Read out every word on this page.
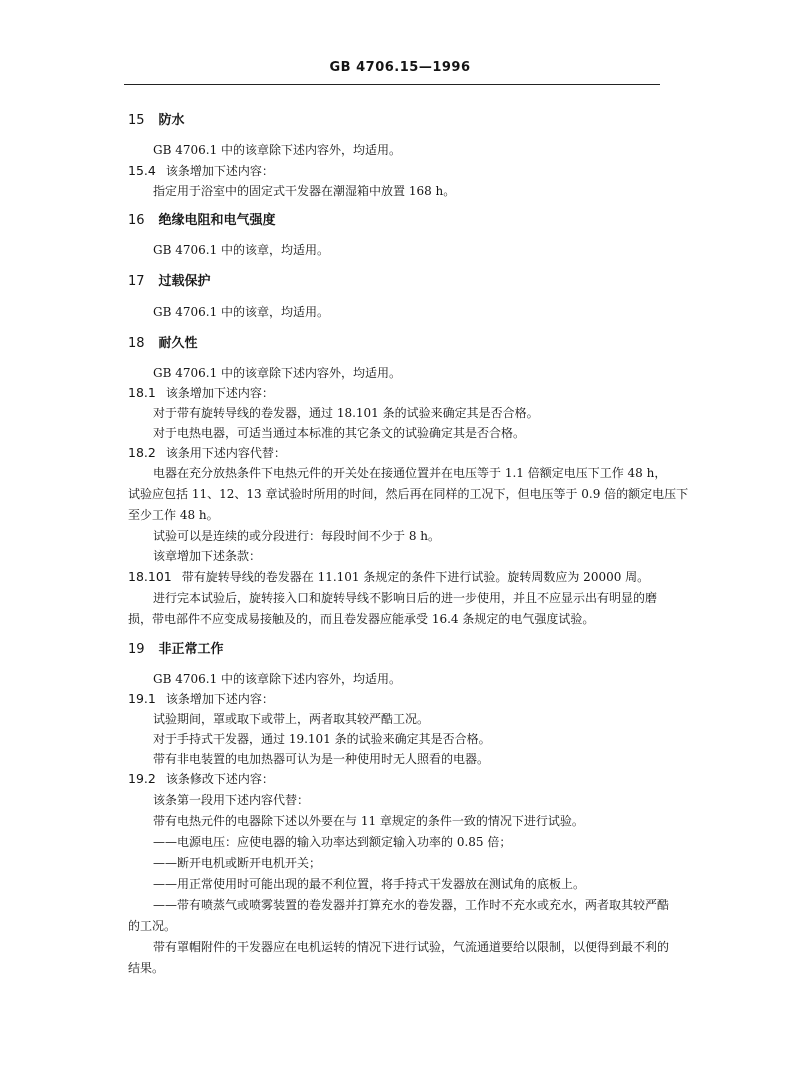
GB 4706.15—1996
15 防水
GB 4706.1 中的该章除下述内容外，均适用。
15.4 该条增加下述内容：
指定用于浴室中的固定式干发器在潮湿箱中放置 168 h。
16 绝缘电阻和电气强度
GB 4706.1 中的该章，均适用。
17 过载保护
GB 4706.1 中的该章，均适用。
18 耐久性
GB 4706.1 中的该章除下述内容外，均适用。
18.1 该条增加下述内容：
对于带有旋转导线的卷发器，通过 18.101 条的试验来确定其是否合格。
对于电热电器，可适当通过本标准的其它条文的试验确定其是否合格。
18.2 该条用下述内容代替：
电器在充分放热条件下电热元件的开关处在接通位置并在电压等于 1.1 倍额定电压下工作 48 h，
试验应包括 11、12、13 章试验时所用的时间，然后再在同样的工况下，但电压等于 0.9 倍的额定电压下
至少工作 48 h。
试验可以是连续的或分段进行：每段时间不少于 8 h。
该章增加下述条款：
18.101 带有旋转导线的卷发器在 11.101 条规定的条件下进行试验。旋转周数应为 20000 周。
进行完本试验后，旋转接入口和旋转导线不影响日后的进一步使用，并且不应显示出有明显的磨
损，带电部件不应变成易接触及的，而且卷发器应能承受 16.4 条规定的电气强度试验。
19 非正常工作
GB 4706.1 中的该章除下述内容外，均适用。
19.1 该条增加下述内容：
试验期间，罩或取下或带上，两者取其较严酷工况。
对于手持式干发器，通过 19.101 条的试验来确定其是否合格。
带有非电装置的电加热器可认为是一种使用时无人照看的电器。
19.2 该条修改下述内容：
该条第一段用下述内容代替：
带有电热元件的电器除下述以外要在与 11 章规定的条件一致的情况下进行试验。
——电源电压：应使电器的输入功率达到额定输入功率的 0.85 倍；
——断开电机或断开电机开关；
——用正常使用时可能出现的最不利位置，将手持式干发器放在测试角的底板上。
——带有喷蒸气或喷雾装置的卷发器并打算充水的卷发器，工作时不充水或充水，两者取其较严酷
的工况。
带有罩帽附件的干发器应在电机运转的情况下进行试验，气流通道要给以限制，以便得到最不利的
结果。
